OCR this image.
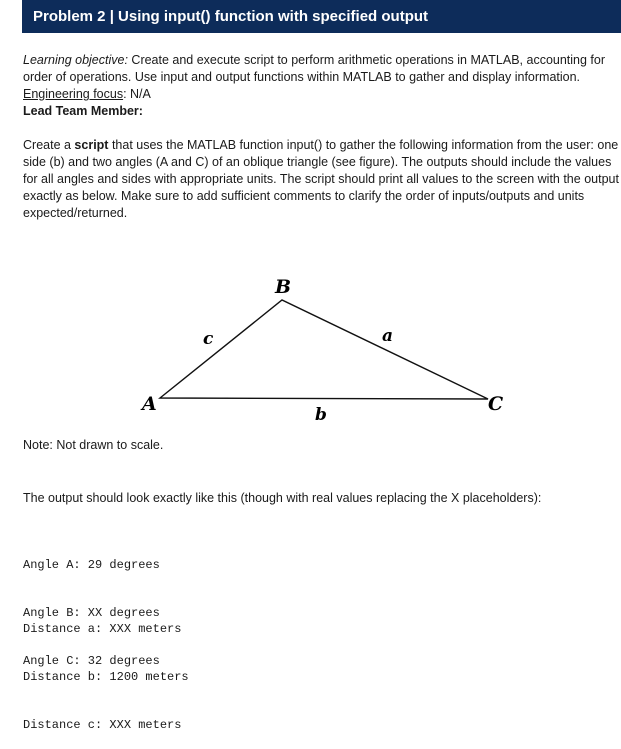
Problem 2 | Using input() function with specified output

Learning objective: Create and execute script to perform arithmetic operations in MATLAB, accounting for order of operations. Use input and output functions within MATLAB to gather and display information.

Engineering focus: N/A

Lead Team Member:

Create a script that uses the MATLAB function input() to gather the following information from the user: one side (b) and two angles (A and C) of an oblique triangle (see figure). The outputs should include the values for all angles and sides with appropriate units. The script should print all values to the screen with the output exactly as below. Make sure to add sufficient comments to clarify the order of inputs/outputs and units expected/returned.

B
A	C
c	a
b
Note: Not drawn to scale.
The output should look exactly like this (though with real values replacing the X placeholders):

Angle A: 29 degrees

Angle B: XX degrees

Angle C: 32 degrees

Distance a: XXX meters

Distance b: 1200 meters

Distance c: XXX meters
